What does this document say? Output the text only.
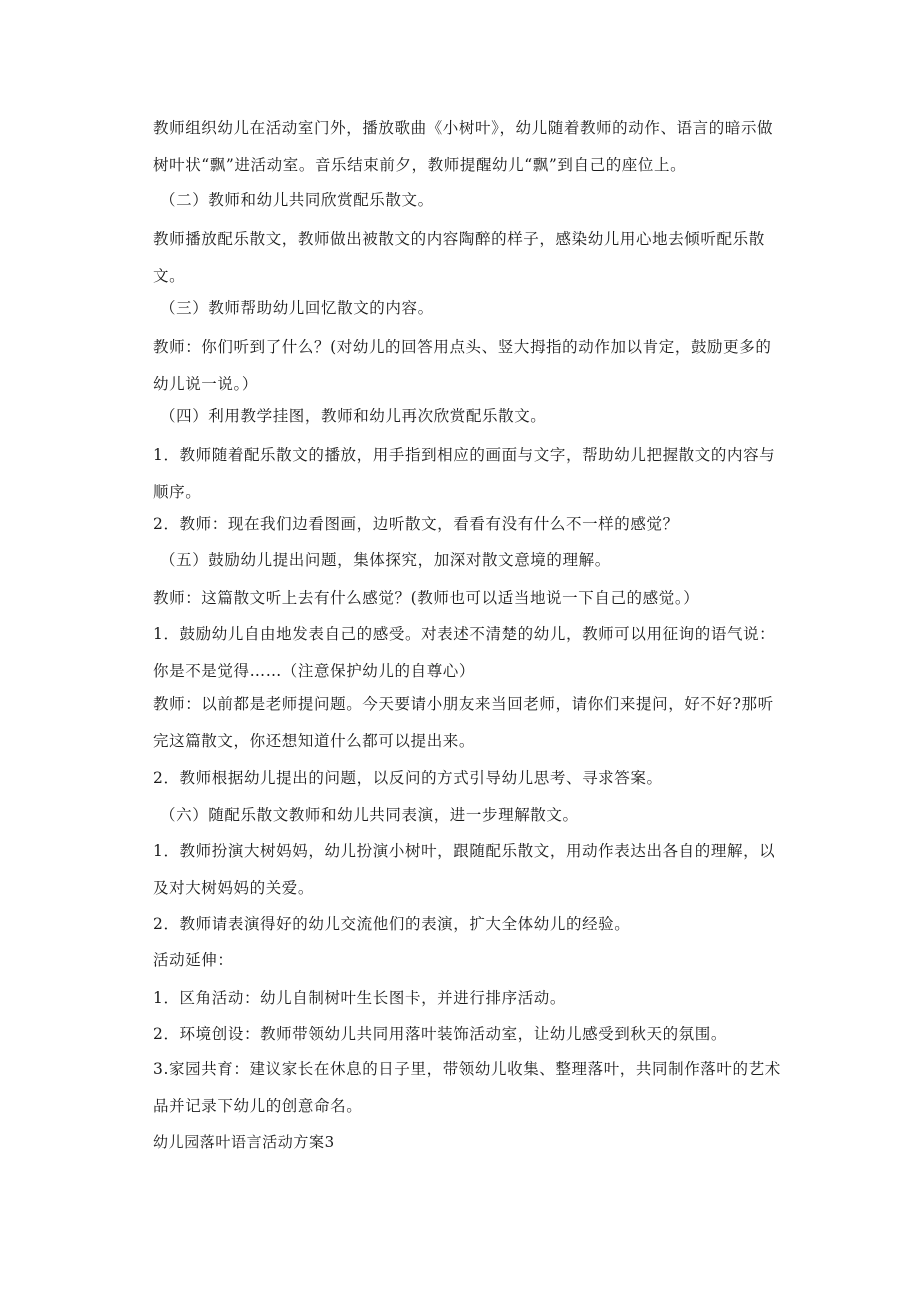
教师组织幼儿在活动室门外，播放歌曲《小树叶》，幼儿随着教师的动作、语言的暗示做树叶状“飘”进活动室。音乐结束前夕，教师提醒幼儿“飘”到自己的座位上。

（二）教师和幼儿共同欣赏配乐散文。

教师播放配乐散文，教师做出被散文的内容陶醉的样子，感染幼儿用心地去倾听配乐散文。

（三）教师帮助幼儿回忆散文的内容。

教师：你们听到了什么？(对幼儿的回答用点头、竖大拇指的动作加以肯定，鼓励更多的幼儿说一说。）

（四）利用教学挂图，教师和幼儿再次欣赏配乐散文。

1．教师随着配乐散文的播放，用手指到相应的画面与文字，帮助幼儿把握散文的内容与顺序。

2．教师：现在我们边看图画，边听散文，看看有没有什么不一样的感觉？

（五）鼓励幼儿提出问题，集体探究，加深对散文意境的理解。

教师：这篇散文听上去有什么感觉？(教师也可以适当地说一下自己的感觉。）

1．鼓励幼儿自由地发表自己的感受。对表述不清楚的幼儿，教师可以用征询的语气说：你是不是觉得……（注意保护幼儿的自尊心）

教师：以前都是老师提问题。今天要请小朋友来当回老师，请你们来提问，好不好?那听完这篇散文，你还想知道什么都可以提出来。

2．教师根据幼儿提出的问题，以反问的方式引导幼儿思考、寻求答案。

（六）随配乐散文教师和幼儿共同表演，进一步理解散文。

1．教师扮演大树妈妈，幼儿扮演小树叶，跟随配乐散文，用动作表达出各自的理解，以及对大树妈妈的关爱。

2．教师请表演得好的幼儿交流他们的表演，扩大全体幼儿的经验。

活动延伸：

1．区角活动：幼儿自制树叶生长图卡，并进行排序活动。

2．环境创设：教师带领幼儿共同用落叶装饰活动室，让幼儿感受到秋天的氛围。

3.家园共育：建议家长在休息的日子里，带领幼儿收集、整理落叶，共同制作落叶的艺术品并记录下幼儿的创意命名。

幼儿园落叶语言活动方案3
